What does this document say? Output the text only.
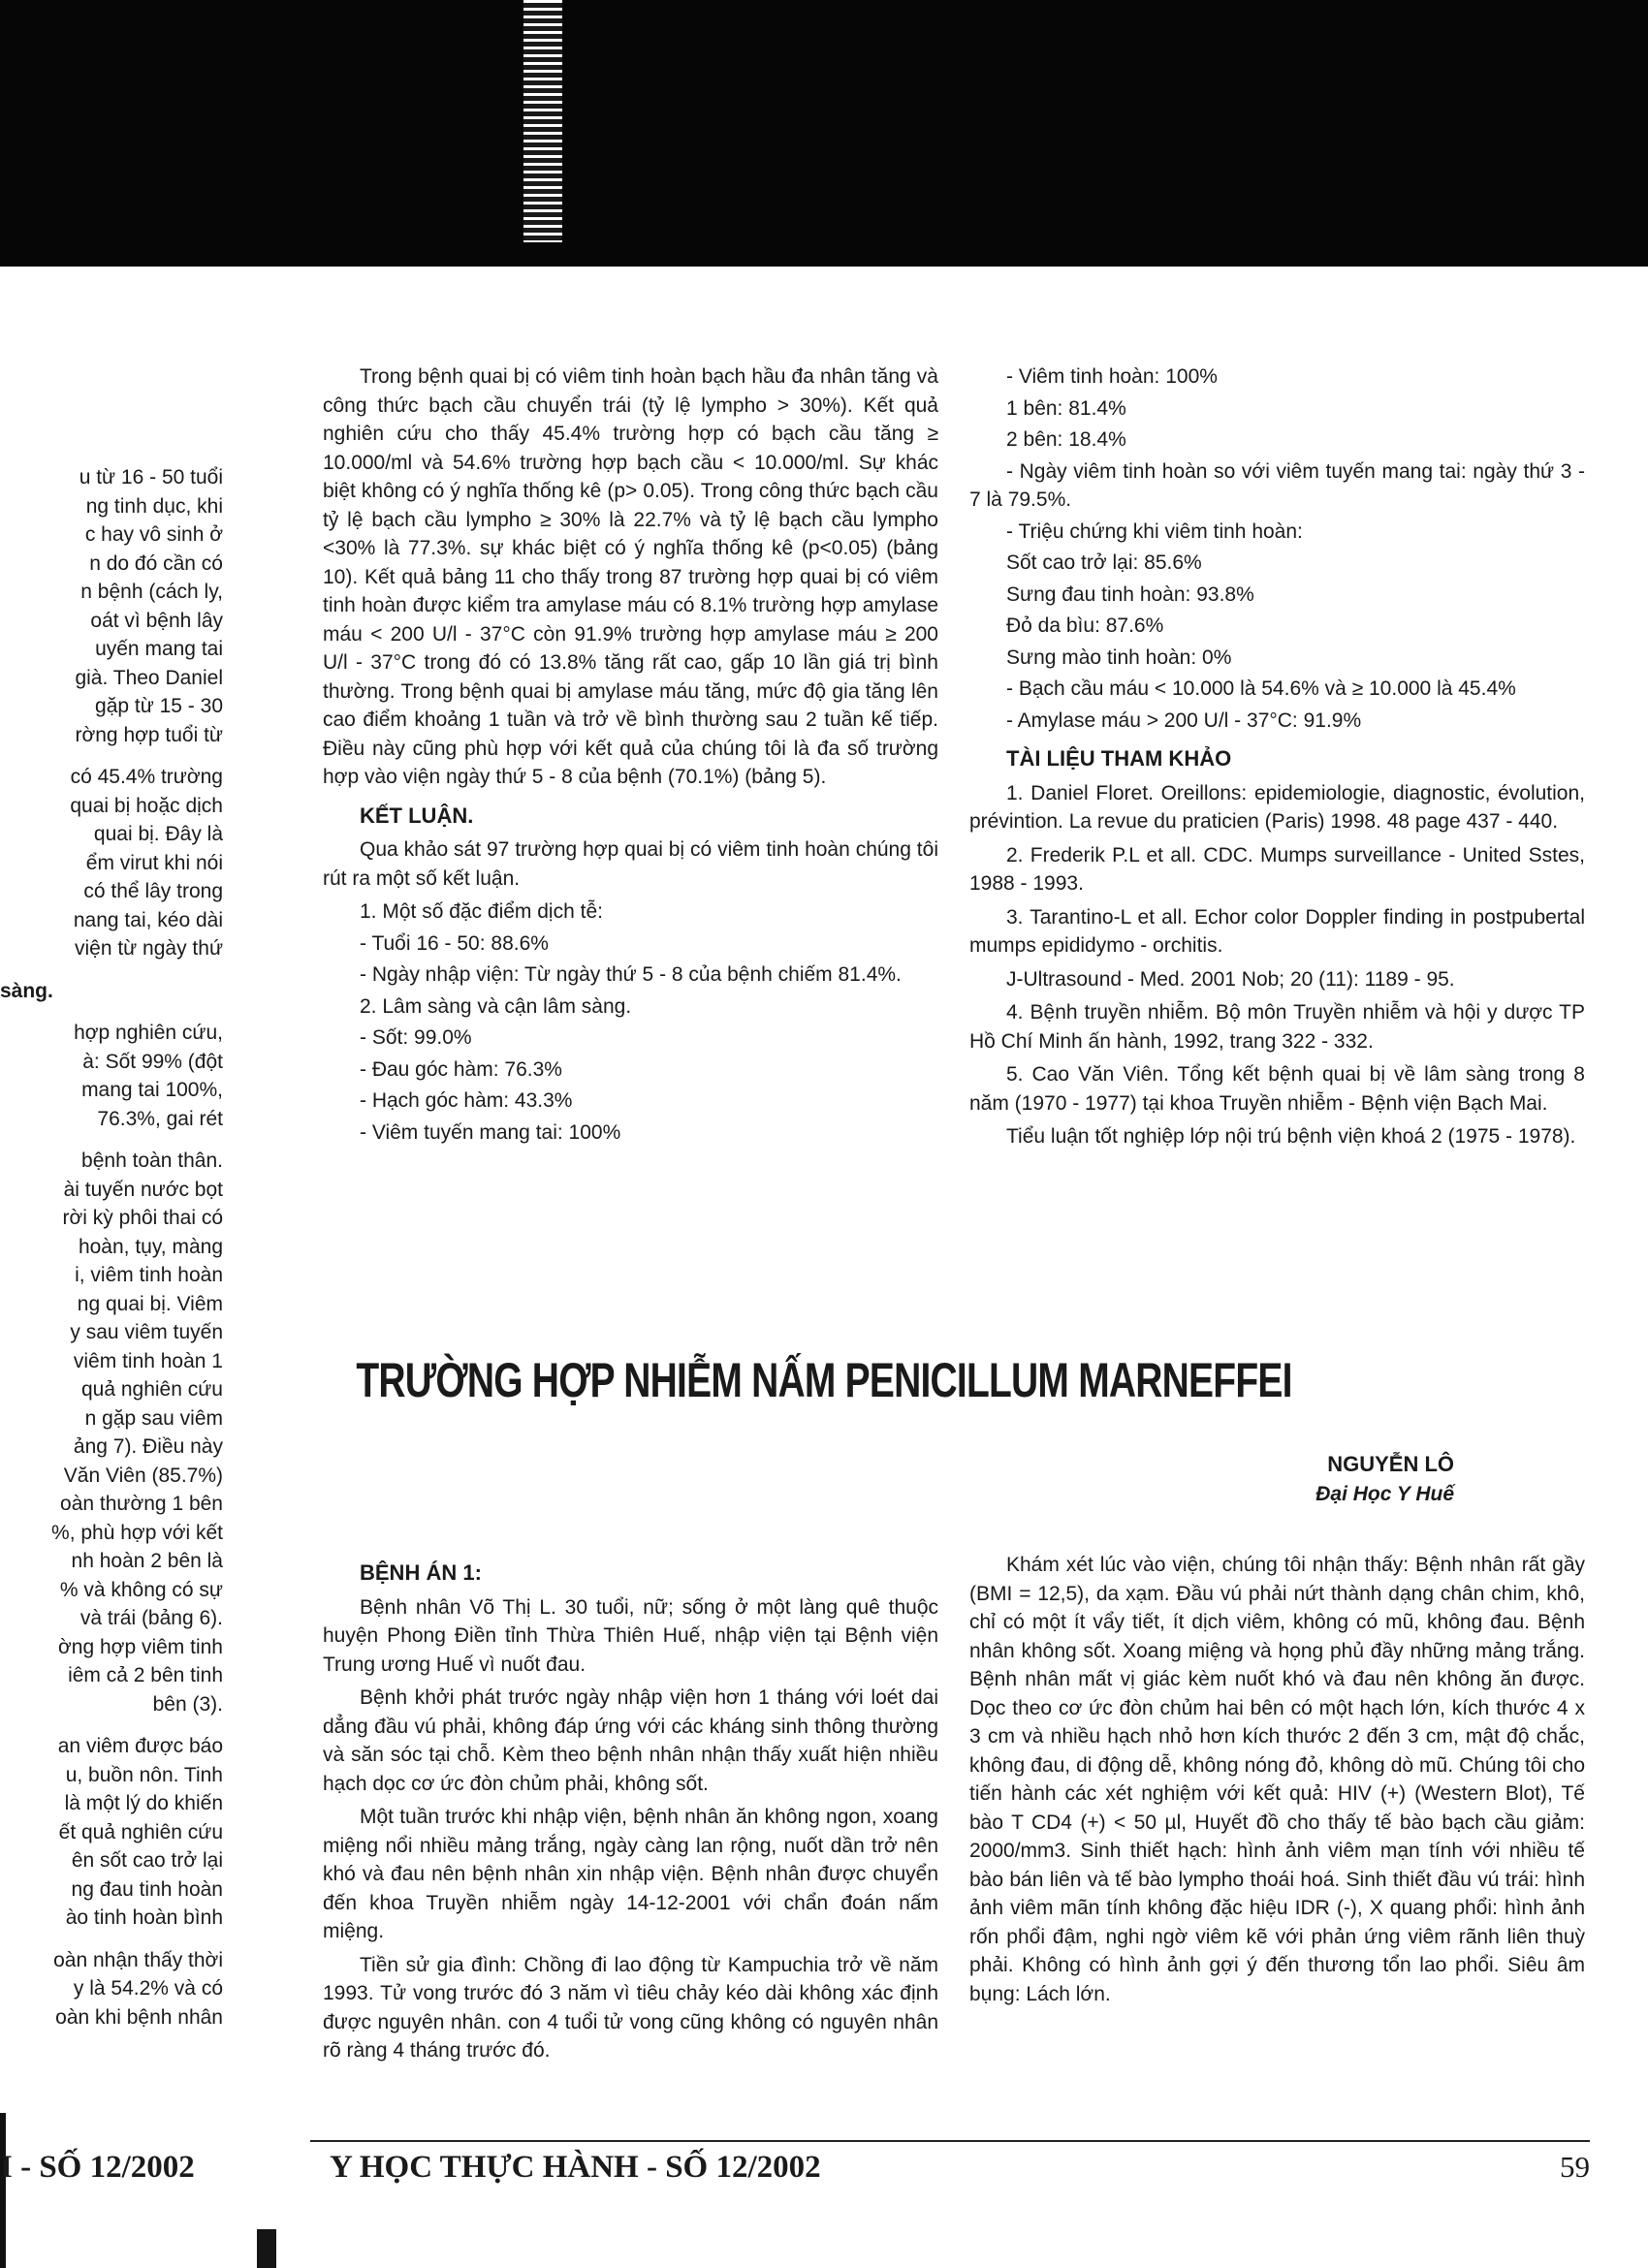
u từ 16 - 50 tuổi
ng tinh dục, khi
c hay vô sinh ở
n do đó cần có
n bệnh (cách ly,
oát vì bệnh lây
uyến mang tai
già. Theo Daniel
gặp từ 15 - 30
rờng hợp tuổi từ
có 45.4% trường
quai bị hoặc dịch
quai bị. Đây là
ểm virut khi nói
có thể lây trong
nang tai, kéo dài
viện từ ngày thứ
sàng.
hợp nghiên cứu,
à: Sốt 99% (đột
mang tai 100%,
76.3%, gai rét
bệnh toàn thân.
ài tuyến nước bọt
rời kỳ phôi thai có
hoàn, tụy, màng
i, viêm tinh hoàn
ng quai bị. Viêm
y sau viêm tuyến
viêm tinh hoàn 1
quả nghiên cứu
n gặp sau viêm
ảng 7). Điều này
Văn Viên (85.7%)
oàn thường 1 bên
%, phù hợp với kết
nh hoàn 2 bên là
% và không có sự
và trái (bảng 6).
ờng hợp viêm tinh
iêm cả 2 bên tinh
bên (3).
an viêm được báo
u, buồn nôn. Tinh
là một lý do khiến
ết quả nghiên cứu
ên sốt cao trở lại
ng đau tinh hoàn
ào tinh hoàn bình
oàn nhận thấy thời
y là 54.2% và có
oàn khi bệnh nhân

Trong bệnh quai bị có viêm tinh hoàn bạch hầu đa nhân tăng và công thức bạch cầu chuyển trái (tỷ lệ lympho > 30%). Kết quả nghiên cứu cho thấy 45.4% trường hợp có bạch cầu tăng ≥ 10.000/ml và 54.6% trường hợp bạch cầu < 10.000/ml. Sự khác biệt không có ý nghĩa thống kê (p> 0.05). Trong công thức bạch cầu tỷ lệ bạch cầu lympho ≥ 30% là 22.7% và tỷ lệ bạch cầu lympho <30% là 77.3%. sự khác biệt có ý nghĩa thống kê (p<0.05) (bảng 10). Kết quả bảng 11 cho thấy trong 87 trường hợp quai bị có viêm tinh hoàn được kiểm tra amylase máu có 8.1% trường hợp amylase máu < 200 U/l - 37°C còn 91.9% trường hợp amylase máu ≥ 200 U/l - 37°C trong đó có 13.8% tăng rất cao, gấp 10 lần giá trị bình thường. Trong bệnh quai bị amylase máu tăng, mức độ gia tăng lên cao điểm khoảng 1 tuần và trở về bình thường sau 2 tuần kế tiếp. Điều này cũng phù hợp với kết quả của chúng tôi là đa số trường hợp vào viện ngày thứ 5 - 8 của bệnh (70.1%) (bảng 5).

KẾT LUẬN.

Qua khảo sát 97 trường hợp quai bị có viêm tinh hoàn chúng tôi rút ra một số kết luận.

1. Một số đặc điểm dịch tễ:

- Tuổi 16 - 50: 88.6%

- Ngày nhập viện: Từ ngày thứ 5 - 8 của bệnh chiếm 81.4%.

2. Lâm sàng và cận lâm sàng.

- Sốt: 99.0%

- Đau góc hàm: 76.3%

- Hạch góc hàm: 43.3%

- Viêm tuyến mang tai: 100%

- Viêm tinh hoàn: 100%

1 bên: 81.4%

2 bên: 18.4%

- Ngày viêm tinh hoàn so với viêm tuyến mang tai: ngày thứ 3 - 7 là 79.5%.

- Triệu chứng khi viêm tinh hoàn:

Sốt cao trở lại: 85.6%

Sưng đau tinh hoàn: 93.8%

Đỏ da bìu: 87.6%

Sưng mào tinh hoàn: 0%

- Bạch cầu máu < 10.000 là 54.6% và ≥ 10.000 là 45.4%

- Amylase máu > 200 U/l - 37°C: 91.9%

TÀI LIỆU THAM KHẢO

1. Daniel Floret. Oreillons: epidemiologie, diagnostic, évolution, prévintion. La revue du praticien (Paris) 1998. 48 page 437 - 440.

2. Frederik P.L et all. CDC. Mumps surveillance - United Sstes, 1988 - 1993.

3. Tarantino-L et all. Echor color Doppler finding in postpubertal mumps epididymo - orchitis.

J-Ultrasound - Med. 2001 Nob; 20 (11): 1189 - 95.

4. Bệnh truyền nhiễm. Bộ môn Truyền nhiễm và hội y dược TP Hồ Chí Minh ấn hành, 1992, trang 322 - 332.

5. Cao Văn Viên. Tổng kết bệnh quai bị về lâm sàng trong 8 năm (1970 - 1977) tại khoa Truyền nhiễm - Bệnh viện Bạch Mai.

Tiểu luận tốt nghiệp lớp nội trú bệnh viện khoá 2 (1975 - 1978).

TRƯỜNG HỢP NHIỄM NẤM PENICILLUM MARNEFFEI
NGUYỄN LÔ
Đại Học Y Huế

BỆNH ÁN 1:

Bệnh nhân Võ Thị L. 30 tuổi, nữ; sống ở một làng quê thuộc huyện Phong Điền tỉnh Thừa Thiên Huế, nhập viện tại Bệnh viện Trung ương Huế vì nuốt đau.

Bệnh khởi phát trước ngày nhập viện hơn 1 tháng với loét dai dẳng đầu vú phải, không đáp ứng với các kháng sinh thông thường và săn sóc tại chỗ. Kèm theo bệnh nhân nhận thấy xuất hiện nhiều hạch dọc cơ ức đòn chủm phải, không sốt.

Một tuần trước khi nhập viện, bệnh nhân ăn không ngon, xoang miệng nổi nhiều mảng trắng, ngày càng lan rộng, nuốt dần trở nên khó và đau nên bệnh nhân xin nhập viện. Bệnh nhân được chuyển đến khoa Truyền nhiễm ngày 14-12-2001 với chẩn đoán nấm miệng.

Tiền sử gia đình: Chồng đi lao động từ Kampuchia trở về năm 1993. Tử vong trước đó 3 năm vì tiêu chảy kéo dài không xác định được nguyên nhân. con 4 tuổi tử vong cũng không có nguyên nhân rõ ràng 4 tháng trước đó.

Khám xét lúc vào viện, chúng tôi nhận thấy: Bệnh nhân rất gầy (BMI = 12,5), da xạm. Đầu vú phải nứt thành dạng chân chim, khô, chỉ có một ít vẩy tiết, ít dịch viêm, không có mũ, không đau. Bệnh nhân không sốt. Xoang miệng và họng phủ đầy những mảng trắng. Bệnh nhân mất vị giác kèm nuốt khó và đau nên không ăn được. Dọc theo cơ ức đòn chủm hai bên có một hạch lớn, kích thước 4 x 3 cm và nhiều hạch nhỏ hơn kích thước 2 đến 3 cm, mật độ chắc, không đau, di động dễ, không nóng đỏ, không dò mũ. Chúng tôi cho tiến hành các xét nghiệm với kết quả: HIV (+) (Western Blot), Tế bào T CD4 (+) < 50 µl, Huyết đồ cho thấy tế bào bạch cầu giảm: 2000/mm3. Sinh thiết hạch: hình ảnh viêm mạn tính với nhiều tế bào bán liên và tế bào lympho thoái hoá. Sinh thiết đầu vú trái: hình ảnh viêm mãn tính không đặc hiệu IDR (-), X quang phổi: hình ảnh rốn phổi đậm, nghi ngờ viêm kẽ với phản ứng viêm rãnh liên thuỳ phải. Không có hình ảnh gợi ý đến thương tổn lao phổi. Siêu âm bụng: Lách lớn.

I - SỐ 12/2002	Y HỌC THỰC HÀNH - SỐ 12/2002	59
